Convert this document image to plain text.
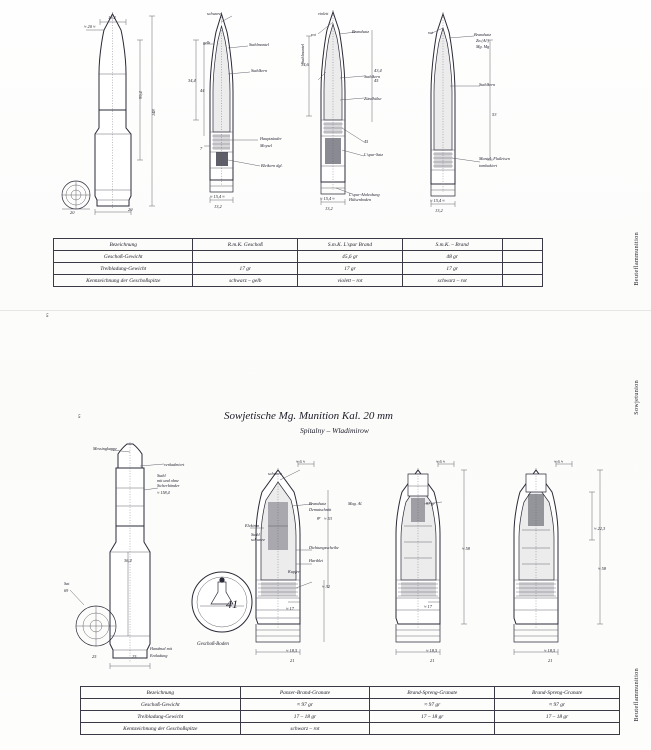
13,2
≈ 20 ≈
99,4
148
20
20
34,4
44
7
≈ 15,4 ≈
13,2
34,6
43,4
45
≈ 15,4 ≈
13,2
53
≈ 15,4 ≈
13,2
schwarz
gelb	Stahlmantel
Stahlkern
Hauptzünder
Moysel
Bleikern dgl.
violett
rot
Brandsatz
Stahlmantel
Stahlkern
Zündhülse
45
L'spur-Satz
L'spur-Abdeckung
Hülsenboden
rot	Brandsatz
Zn.(Al.)
Mg. Mg
Stahlkern
Mantel: Flußeisen
tombakiert
Bezeichnung	R.m.K. Geschoß	S.m.K. L'spur Brand	S.m.K. – Brand	
Geschoß-Gewicht		45,6 gr	48 gr	
Treibladung-Gewicht	17 gr	17 gr	17 gr	
Kennzeichnung der Geschoßspitze	schwarz – gelb	violett – rot	schwarz – rot	
5
Beuteflammunition
Sowjetunion
Beuteflammunition
5	Sowjetische Mg. Munition Kal. 20 mm
Spitalny – Wladimirow
36,4
25	25
41
≈ 6 ≈
≈ 53
≈ 32
≈ 17
≈ 18,5
21
≈ 6 ≈
≈ 58
≈ 17
≈ 18,5
21
≈ 6 ≈
≈ 22,3
≈ 58
≈ 18,5
21
Messingkappe
verkadmiert
Stahl
mit und ohne
Sicherbänder
≈ 158,4
Sat
69
Handmal mit
Entladung
Kupfer
Geschoß-Boden
schwarz
Brandsatz
Dematschnitt
Mag. Al.
gr
Elektron
Stahl
schwarz
Dichtungsscheibe
Hartblei
97 gr
Bezeichnung	Panzer-Brand-Granate	Brand-Spreng-Granate	Brand-Spreng-Granate
Geschoß-Gewicht	≈ 97 gr	≈ 97 gr	≈ 97 gr
Treibladung-Gewicht	17 – 18 gr	17 – 18 gr	17 – 18 gr
Kennzeichnung der Geschoßspitze	schwarz – rot		
